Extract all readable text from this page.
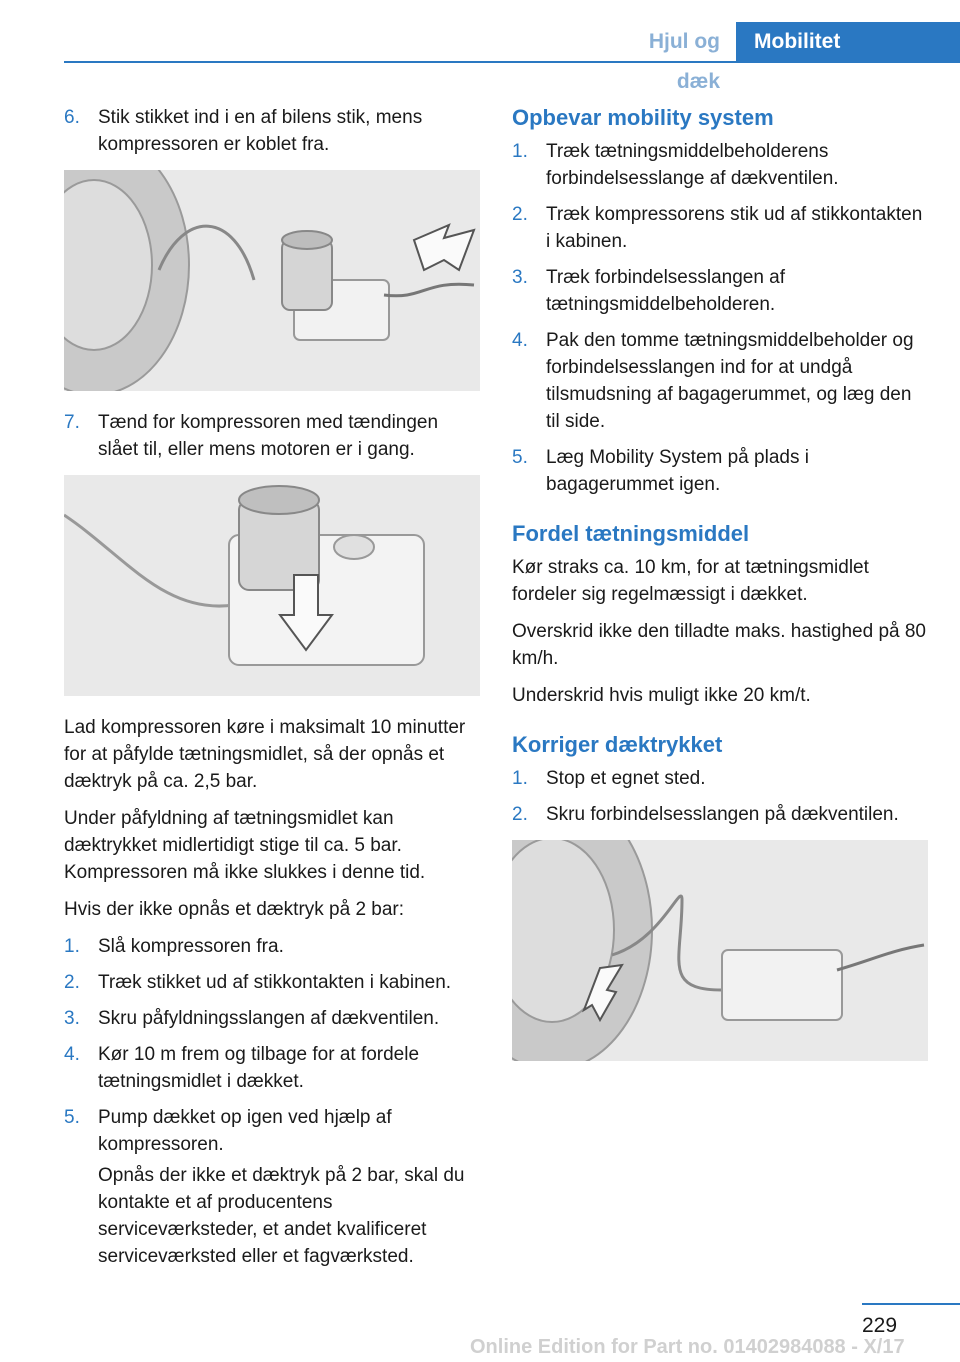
Hjul og dæk
Mobilitet
6. Stik stikket ind i en af bilens stik, mens kompressoren er koblet fra.
7. Tænd for kompressoren med tændingen slået til, eller mens motoren er i gang.

Lad kompressoren køre i maksimalt 10 minutter for at påfylde tætningsmidlet, så der opnås et dæktryk på ca. 2,5 bar.

Under påfyldning af tætningsmidlet kan dæktrykket midlertidigt stige til ca. 5 bar. Kompressoren må ikke slukkes i denne tid.

Hvis der ikke opnås et dæktryk på 2 bar:

1. Slå kompressoren fra.
2. Træk stikket ud af stikkontakten i kabinen.
3. Skru påfyldningsslangen af dækventilen.
4. Kør 10 m frem og tilbage for at fordele tætningsmidlet i dækket.
5. Pump dækket op igen ved hjælp af kompressoren.

Opnås der ikke et dæktryk på 2 bar, skal du kontakte et af producentens serviceværksteder, et andet kvalificeret serviceværksted eller et fagværksted.

Opbevar mobility system
1. Træk tætningsmiddelbeholderens forbindelsesslange af dækventilen.
2. Træk kompressorens stik ud af stikkontakten i kabinen.
3. Træk forbindelsesslangen af tætningsmiddelbeholderen.
4. Pak den tomme tætningsmiddelbeholder og forbindelsesslangen ind for at undgå tilsmudsning af bagagerummet, og læg den til side.
5. Læg Mobility System på plads i bagagerummet igen.
Fordel tætningsmiddel

Kør straks ca. 10 km, for at tætningsmidlet fordeler sig regelmæssigt i dækket.

Overskrid ikke den tilladte maks. hastighed på 80 km/h.

Underskrid hvis muligt ikke 20 km/t.

Korriger dæktrykket
1. Stop et egnet sted.
2. Skru forbindelsesslangen på dækventilen.
229
Online Edition for Part no. 01402984088 - X/17
